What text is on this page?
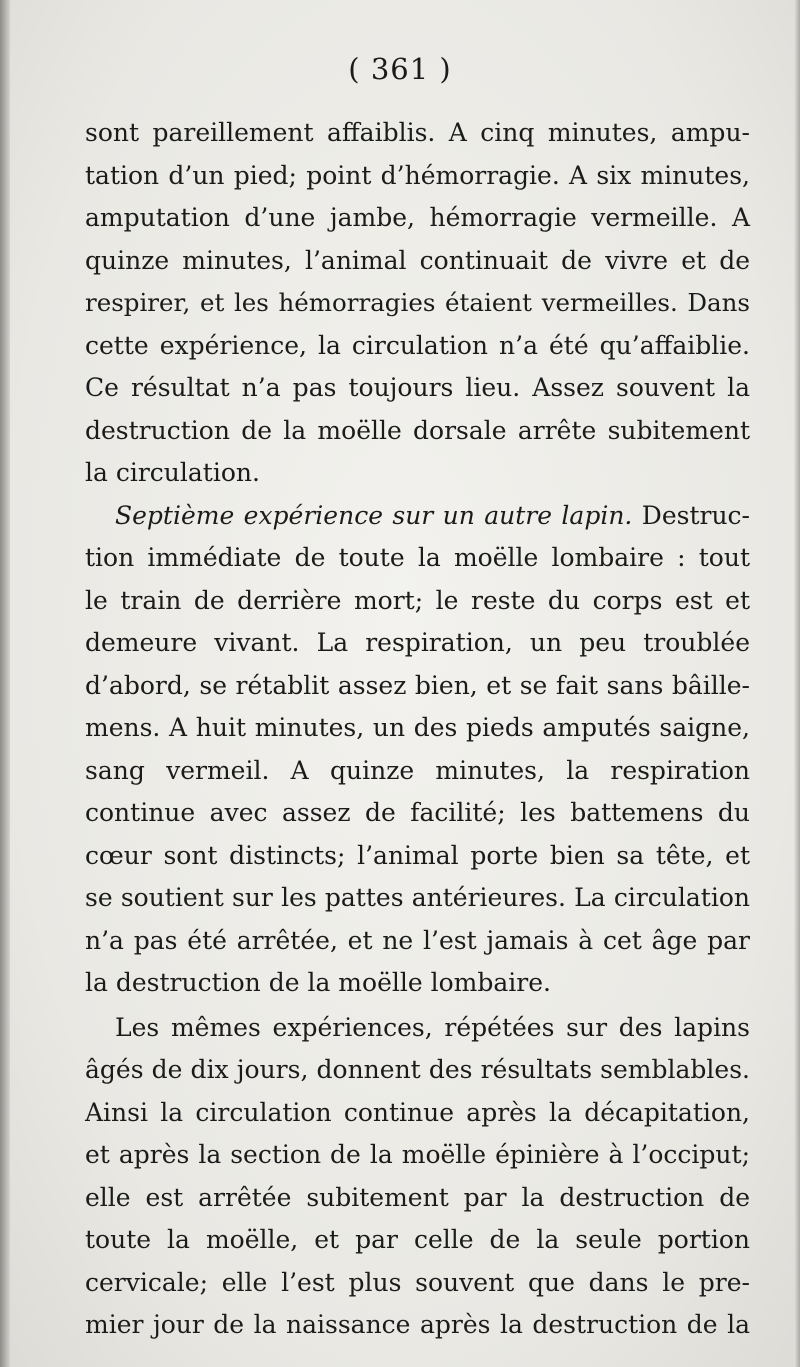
( 361 )
sont pareillement affaiblis. A cinq minutes, ampu-
tation d’un pied; point d’hémorragie. A six minutes,
amputation d’une jambe, hémorragie vermeille. A
quinze minutes, l’animal continuait de vivre et de
respirer, et les hémorragies étaient vermeilles. Dans
cette expérience, la circulation n’a été qu’affaiblie.
Ce résultat n’a pas toujours lieu. Assez souvent la
destruction de la moëlle dorsale arrête subitement
la circulation.
Septième expérience sur un autre lapin. Destruc-
tion immédiate de toute la moëlle lombaire : tout
le train de derrière mort; le reste du corps est et
demeure vivant. La respiration, un peu troublée
d’abord, se rétablit assez bien, et se fait sans bâille-
mens. A huit minutes, un des pieds amputés saigne,
sang vermeil. A quinze minutes, la respiration
continue avec assez de facilité; les battemens du
cœur sont distincts; l’animal porte bien sa tête, et
se soutient sur les pattes antérieures. La circulation
n’a pas été arrêtée, et ne l’est jamais à cet âge par
la destruction de la moëlle lombaire.
Les mêmes expériences, répétées sur des lapins
âgés de dix jours, donnent des résultats semblables.
Ainsi la circulation continue après la décapitation,
et après la section de la moëlle épinière à l’occiput;
elle est arrêtée subitement par la destruction de
toute la moëlle, et par celle de la seule portion
cervicale; elle l’est plus souvent que dans le pre-
mier jour de la naissance après la destruction de la
